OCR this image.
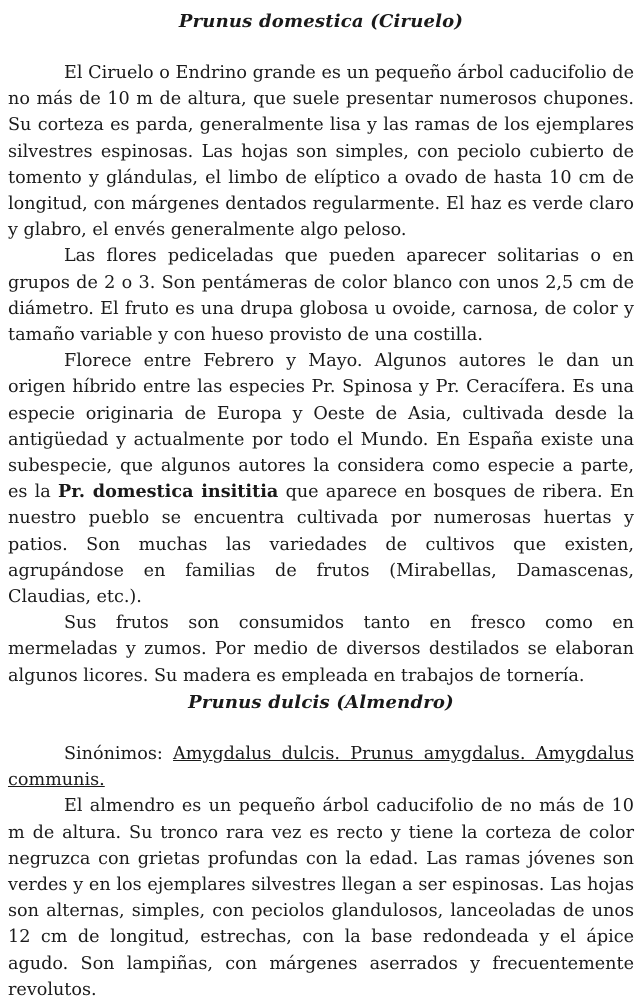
Prunus domestica (Ciruelo)

El Ciruelo o Endrino grande es un pequeño árbol caducifolio de no más de 10 m de altura, que suele presentar numerosos chupones. Su corteza es parda, generalmente lisa y las ramas de los ejemplares silvestres espinosas. Las hojas son simples, con peciolo cubierto de tomento y glándulas, el limbo de elíptico a ovado de hasta 10 cm de longitud, con márgenes dentados regularmente. El haz es verde claro y glabro, el envés generalmente algo peloso.

Las flores pediceladas que pueden aparecer solitarias o en grupos de 2 o 3. Son pentámeras de color blanco con unos 2,5 cm de diámetro. El fruto es una drupa globosa u ovoide, carnosa, de color y tamaño variable y con hueso provisto de una costilla.

Florece entre Febrero y Mayo. Algunos autores le dan un origen híbrido entre las especies Pr. Spinosa y Pr. Ceracífera. Es una especie originaria de Europa y Oeste de Asia, cultivada desde la antigüedad y actualmente por todo el Mundo. En España existe una subespecie, que algunos autores la considera como especie a parte, es la Pr. domestica insititia que aparece en bosques de ribera. En nuestro pueblo se encuentra cultivada por numerosas huertas y patios. Son muchas las variedades de cultivos que existen, agrupándose en familias de frutos (Mirabellas, Damascenas, Claudias, etc.).

Sus frutos son consumidos tanto en fresco como en mermeladas y zumos. Por medio de diversos destilados se elaboran algunos licores. Su madera es empleada en trabajos de tornería.

Prunus dulcis (Almendro)

Sinónimos: Amygdalus dulcis. Prunus amygdalus. Amygdalus communis.

El almendro es un pequeño árbol caducifolio de no más de 10 m de altura. Su tronco rara vez es recto y tiene la corteza de color negruzca con grietas profundas con la edad. Las ramas jóvenes son verdes y en los ejemplares silvestres llegan a ser espinosas. Las hojas son alternas, simples, con peciolos glandulosos, lanceoladas de unos 12 cm de longitud, estrechas, con la base redondeada y el ápice agudo. Son lampiñas, con márgenes aserrados y frecuentemente revolutos.
